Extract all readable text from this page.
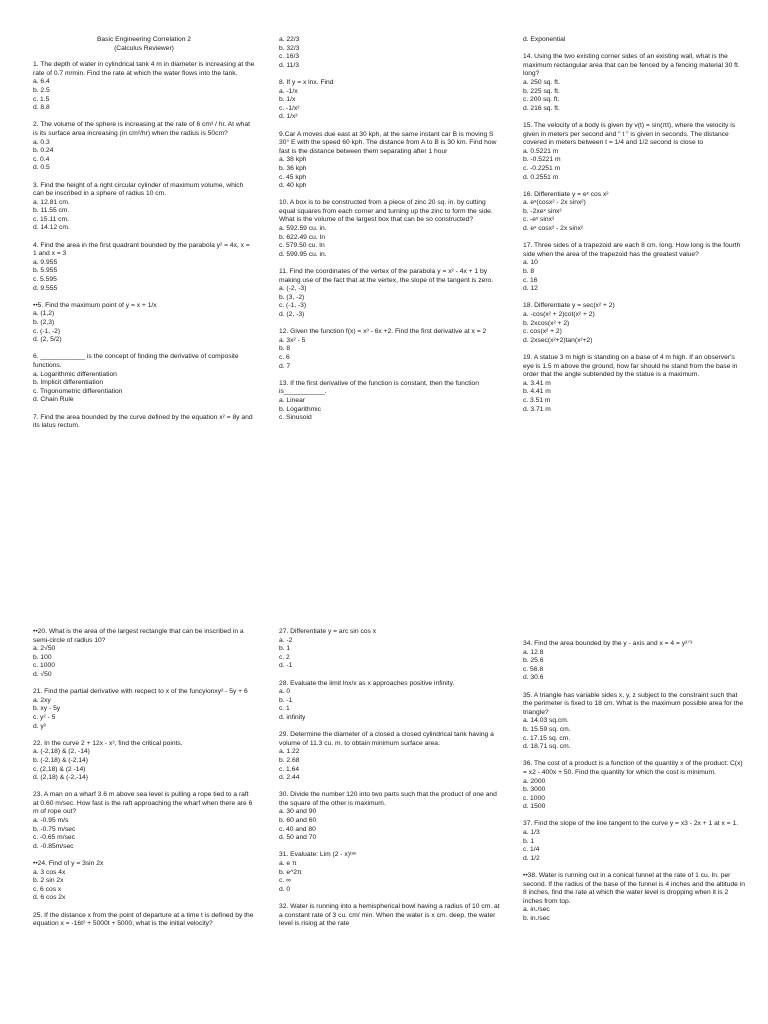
Basic Engineering Correlation 2
(Calculus Reviewer)
1. The depth of water in cylindrical tank 4 m in diameter is increasing at the rate of 0.7 m/min. Find the rate at which the water flows into the tank.
a. 6.4
b. 2.5
c. 1.5
d. 8.8
2. The volume of the sphere is increasing at the rate of 6 cm³ / hr. At what is its surface area increasing (in cm²/hr) when the radius is 50cm?
a. 0.3
b. 0.24
c. 0.4
d. 0.5
3. Find the height of a right circular cylinder of maximum volume, which can be inscribed in a sphere of radius 10 cm.
a. 12.81 cm.
b. 11.55 cm.
c. 15.11 cm.
d. 14.12 cm.
4. Find the area in the first quadrant bounded by the parabola y² = 4x, x = 1 and x = 3
a. 9.955
b. 5.955
c. 5.595
d. 9.555
••5. Find the maximum point of y = x + 1/x
a. (1,2)
b. (2,3)
c. (-1, -2)
d. (2, 5/2)
6. ____________ is the concept of finding the derivative of composite functions.
a. Logarithmic differentiation
b. Implicit differentiation
c. Trigonometric differentiation
d. Chain Rule
7. Find the area bounded by the curve defined by the equation x² = 8y and its latus rectum.
a. 22/3
b. 32/3
c. 16/3
d. 11/3
8. If y = x lnx. Find
a. -1/x
b. 1/x
c. -1/x²
d. 1/x²
9.Car A moves due east at 30 kph, at the same instant car B is moving S 30° E with the speed 60 kph. The distance from A to B is 30 km. Find how fast is the distance between them separating after 1 hour
a. 38 kph
b. 36 kph
c. 45 kph
d. 40 kph
10. A box is to be constructed from a piece of zinc 20 sq. in. by cutting equal squares from each corner and turning up the zinc to form the side. What is the volume of the largest box that can be so constructed?
a. 592.59 cu. in.
b. 622.49 cu. In
c. 579.50 cu. In
d. 599.95 cu. in.
11. Find the coordinates of the vertex of the parabola y = x² - 4x + 1 by making use of the fact that at the vertex, the slope of the tangent is zero.
a. (-2, -3)
b. (3, -2)
c. (-1, -3)
d. (2, -3)
12. Given the function f(x) = x³ - 6x +2. Find the first derivative at x = 2
a. 3x² - 5
b. 8
c. 6
d. 7
13. If the first derivative of the function is constant, then the function is___________.
a. Linear
b. Logarithmic
c. Sinusoid
d. Exponential
14. Using the two existing corner sides of an existing wall, what is the maximum rectangular area that can be fenced by a fencing material 30 ft. long?
a. 250 sq. ft.
b. 225 sq. ft.
c. 200 sq. ft.
d. 216 sq. ft.
15. The velocity of a body is given by v(t) = sin(πt), where the velocity is given in meters per second and " t " is given in seconds. The distance covered in meters between t = 1/4 and 1/2 second is close to
a. 0.5221 m
b. -0.5221 m
c. -0.2251 m
d. 0.2551 m
16. Differentiate y = eˣ cos x²
a. eˣ(cosx² - 2x sinx²)
b. -2xeˣ sinx²
c. -eˣ sinx²
d. eˣ cosx² - 2x sinx²
17. Three sides of a trapezoid are each 8 cm. long. How long is the fourth side when the area of the trapezoid has the greatest value?
a. 10
b. 8
c. 16
d. 12
18. Differentiate y = sec(x² + 2)
a. -cos(x² + 2)cot(x² + 2)
b. 2xcos(x² + 2)
c. cos(x² + 2)
d. 2xsec(x²+2)tan(x²+2)
19. A statue 3 m high is standing on a base of 4 m high. If an observer's eye is 1.5 m above the ground, how far should he stand from the base in order that the angle subtended by the statue is a maximum.
a. 3.41 m
b. 4.41 m
c. 3.51 m
d. 3.71 m
••20. What is the area of the largest rectangle that can be inscribed in a semi-circle of radius 10?
a. 2√50
b. 100
c. 1000
d. √50
21. Find the partial derivative with recpect to x of the funcyionxy² - 5y + 6
a. 2xy
b. xy - 5y
c. y² - 5
d. y²
22. In the curve 2 + 12x - x³, find the critical points.
a. (-2,18) & (2, -14)
b. (-2,18) & (-2,14)
c. (2,18) & (2 -14)
d. (2,18) & (-2,-14)
23. A man on a wharf 3.6 m above sea level is pulling a rope tied to a raft at 0.60 m/sec. How fast is the raft approaching the wharf when there are 6 m of rope out?
a. -0.95 m/s
b. -0.75 m/sec
c. -0.65 m/sec
d. -0.85m/sec
••24. Find of y = 3sin 2x
a. 3 cos 4x
b. 2 sin 2x
c. 6 cos x
d. 6 cos 2x
25. If the distance x from the point of departure at a time t is defined by the equation x = -16t² + 5000t + 5000, what is the initial velocity?
27. Differentiate y = arc sin cos x
a. -2
b. 1
c. 2
d. -1
28. Evaluate the limit lnx/x as x approaches positive infinity.
a. 0
b. -1
c. 1
d. infinity
29. Determine the diameter of a closed a closed cylindrical tank having a volume of 11.3 cu. m. to obtain minimum surface area.
a. 1.22
b. 2.68
c. 1.64
d. 2.44
30. Divide the number 120 into two parts such that the product of one and the square of the other is maximum.
a. 30 and 90
b. 60 and 60
c. 40 and 80
d. 50 and 70
31. Evaluate: Lim (2 - x)ᵗᵃⁿ
a. e π
b. e^2π
c. ∞
d. 0
32. Water is running into a hemispherical bowl having a radius of 10 cm. at a constant rate of 3 cu. cm/ min. When the water is x cm. deep, the water level is rising at the rate
34. Find the area bounded by the y - axis and x = 4 = y²ᐟ³
a. 12.8
b. 25.6
c. 56.8
d. 30.6
35. A triangle has variable sides x, y, z subject to the constraint such that the perimeter is fixed to 18 cm. What is the maximum possible area for the triangle?
a. 14.03 sq.cm.
b. 15.59 sq. cm.
c. 17.15 sq. cm.
d. 18.71 sq. cm.
36. The cost of a product is a function of the quantity x of the product: C(x) = x2 - 400x + 50. Find the quantity for which the cost is minimum.
a. 2000
b. 3000
c. 1000
d. 1500
37. Find the slope of the line tangent to the curve y = x3 - 2x + 1 at x = 1.
a. 1/3
b. 1
c. 1/4
d. 1/2
••38. Water is running out in a conical funnel at the rate of 1 cu. In. per second. If the radius of the base of the funnel is 4 inches and the altitude in 8 inches, find the rate at which the water level is dropping when it is 2 inches from top.
a. in./sec
b. in./sec
